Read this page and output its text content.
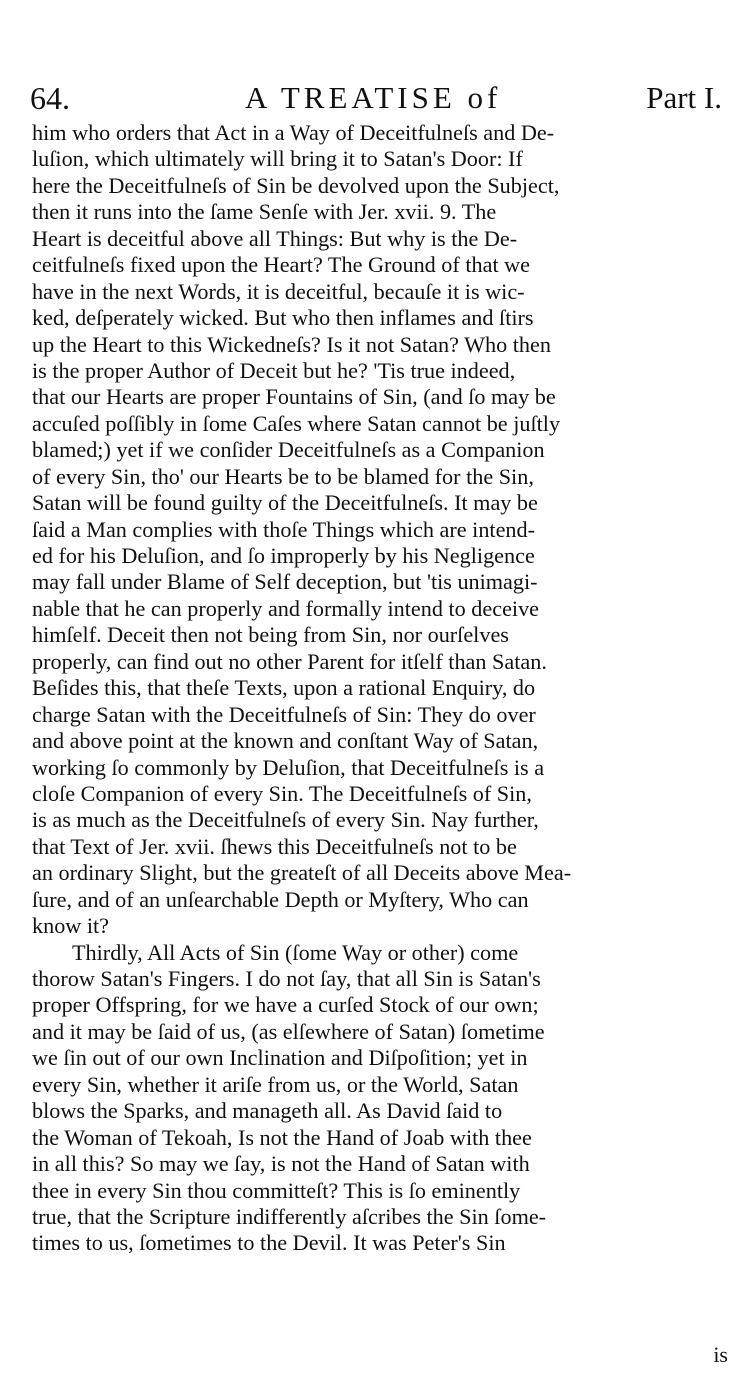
64.	A TREATISE of	Part I.
him who orders that Act in a Way of Deceitfulneſs and De-
luſion, which ultimately will bring it to Satan's Door: If
here the Deceitfulneſs of Sin be devolved upon the Subject,
then it runs into the ſame Senſe with Jer. xvii. 9. The
Heart is deceitful above all Things: But why is the De-
ceitfulneſs fixed upon the Heart? The Ground of that we
have in the next Words, it is deceitful, becauſe it is wic-
ked, deſperately wicked. But who then inflames and ſtirs
up the Heart to this Wickedneſs? Is it not Satan? Who then
is the proper Author of Deceit but he? 'Tis true indeed,
that our Hearts are proper Fountains of Sin, (and ſo may be
accuſed poſſibly in ſome Caſes where Satan cannot be juſtly
blamed;) yet if we conſider Deceitfulneſs as a Companion
of every Sin, tho' our Hearts be to be blamed for the Sin,
Satan will be found guilty of the Deceitfulneſs. It may be
ſaid a Man complies with thoſe Things which are intend-
ed for his Deluſion, and ſo improperly by his Negligence
may fall under Blame of Self deception, but 'tis unimagi-
nable that he can properly and formally intend to deceive
himſelf. Deceit then not being from Sin, nor ourſelves
properly, can find out no other Parent for itſelf than Satan.
Beſides this, that theſe Texts, upon a rational Enquiry, do
charge Satan with the Deceitfulneſs of Sin: They do over
and above point at the known and conſtant Way of Satan,
working ſo commonly by Deluſion, that Deceitfulneſs is a
cloſe Companion of every Sin. The Deceitfulneſs of Sin,
is as much as the Deceitfulneſs of every Sin. Nay further,
that Text of Jer. xvii. ſhews this Deceitfulneſs not to be
an ordinary Slight, but the greateſt of all Deceits above Mea-
ſure, and of an unſearchable Depth or Myſtery, Who can
know it?
Thirdly, All Acts of Sin (ſome Way or other) come
thorow Satan's Fingers. I do not ſay, that all Sin is Satan's
proper Offspring, for we have a curſed Stock of our own;
and it may be ſaid of us, (as elſewhere of Satan) ſometime
we ſin out of our own Inclination and Diſpoſition; yet in
every Sin, whether it ariſe from us, or the World, Satan
blows the Sparks, and manageth all. As David ſaid to
the Woman of Tekoah, Is not the Hand of Joab with thee
in all this? So may we ſay, is not the Hand of Satan with
thee in every Sin thou committeſt? This is ſo eminently
true, that the Scripture indifferently aſcribes the Sin ſome-
times to us, ſometimes to the Devil. It was Peter's Sin
is
